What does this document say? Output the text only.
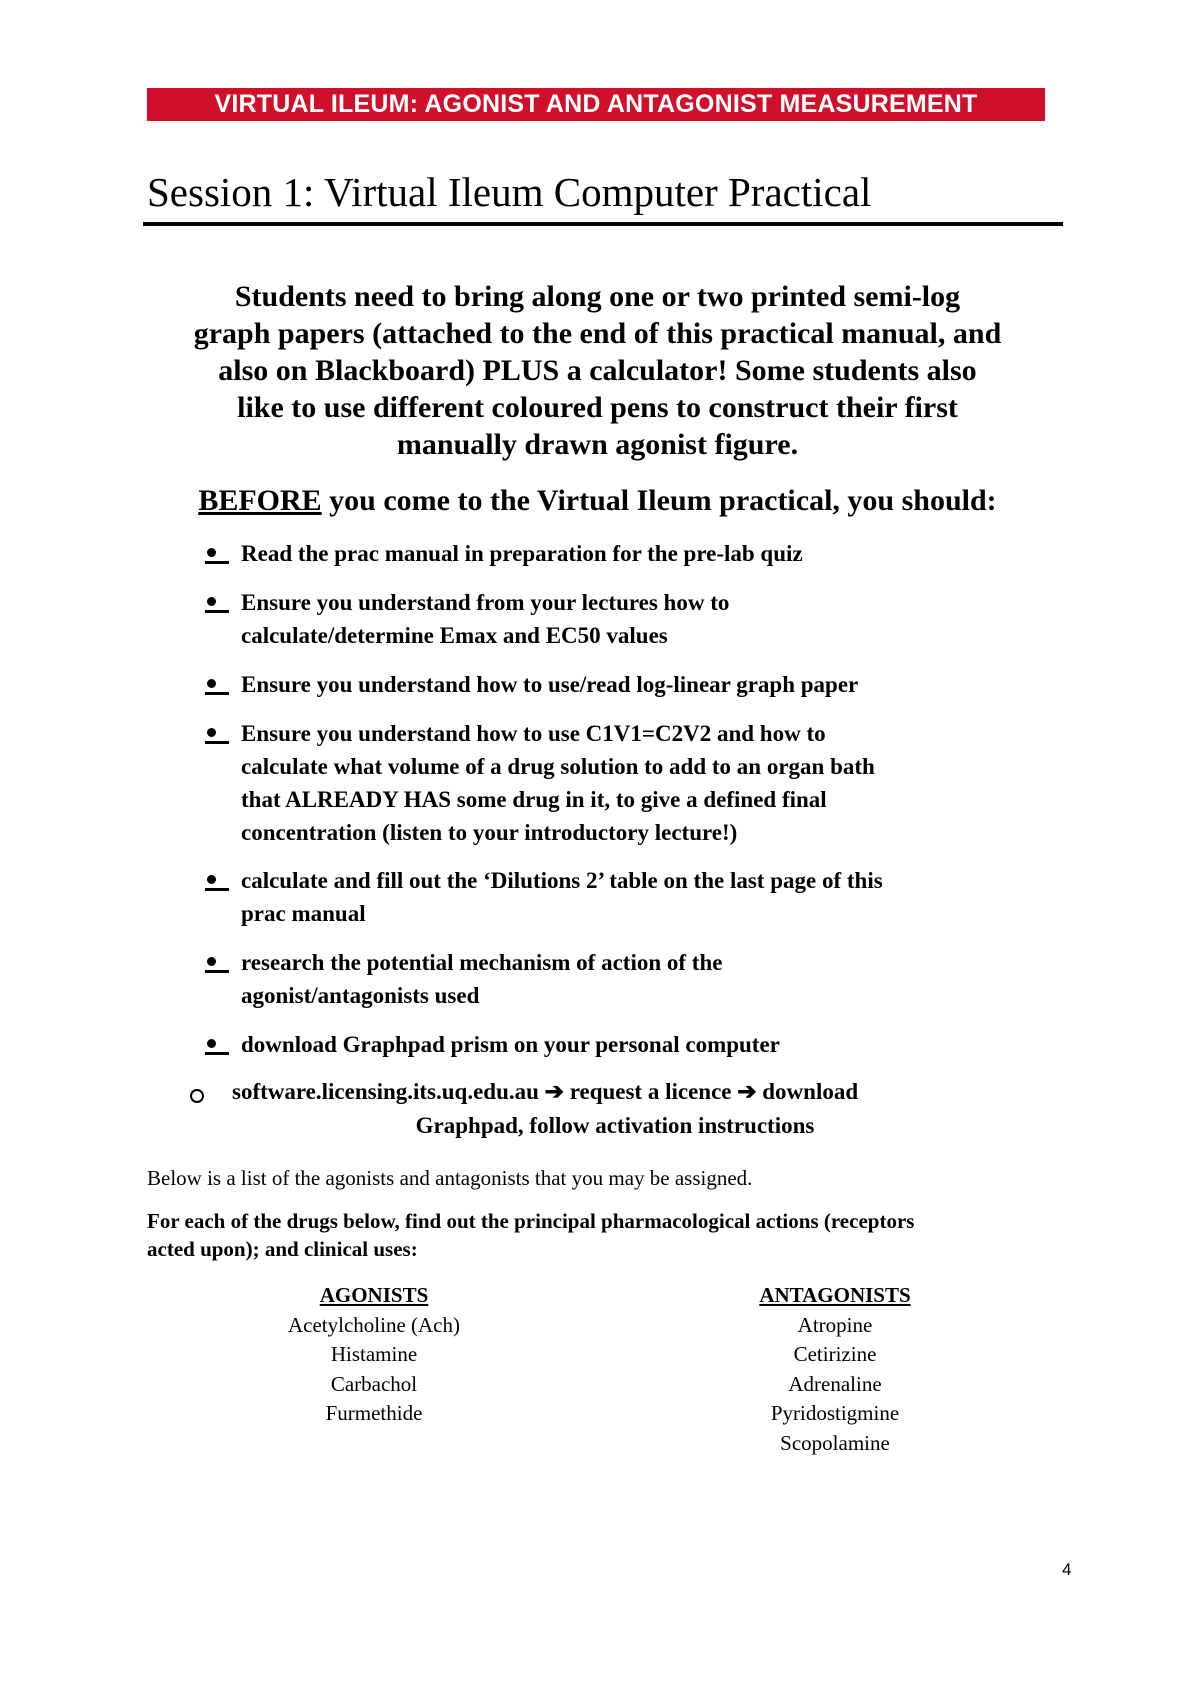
VIRTUAL ILEUM: AGONIST AND ANTAGONIST MEASUREMENT (BIOM2402)
Session 1: Virtual Ileum Computer Practical
Students need to bring along one or two printed semi-log
graph papers (attached to the end of this practical manual, and
also on Blackboard) PLUS a calculator! Some students also
like to use different coloured pens to construct their first
manually drawn agonist figure.
BEFORE you come to the Virtual Ileum practical, you should:
Read the prac manual in preparation for the pre-lab quiz
Ensure you understand from your lectures how to
calculate/determine Emax and EC50 values
Ensure you understand how to use/read log-linear graph paper
Ensure you understand how to use C1V1=C2V2 and how to
calculate what volume of a drug solution to add to an organ bath
that ALREADY HAS some drug in it, to give a defined final
concentration (listen to your introductory lecture!)
calculate and fill out the ‘Dilutions 2’ table on the last page of this
prac manual
research the potential mechanism of action of the
agonist/antagonists used
download Graphpad prism on your personal computer
software.licensing.its.uq.edu.au ➔ request a licence ➔ download
Graphpad, follow activation instructions
Below is a list of the agonists and antagonists that you may be assigned.
For each of the drugs below, find out the principal pharmacological actions (receptors
acted upon); and clinical uses:
AGONISTS
Acetylcholine (Ach)
Histamine
Carbachol
Furmethide
ANTAGONISTS
Atropine
Cetirizine
Adrenaline
Pyridostigmine
Scopolamine
4
